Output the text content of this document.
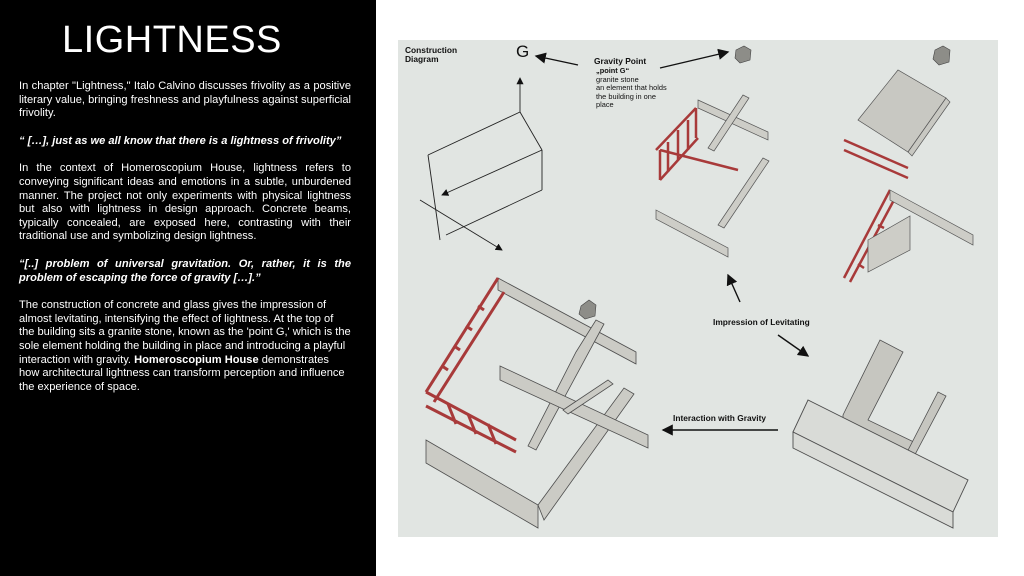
LIGHTNESS

In chapter "Lightness," Italo Calvino discusses frivolity as a positive literary value, bringing freshness and playfulness against superficial frivolity.

“ […], just as we all know that there is a lightness of frivolity”

In the context of Homeroscopium House, lightness refers to conveying significant ideas and emotions in a subtle, unburdened manner. The project not only experiments with physical lightness but also with lightness in design approach. Concrete beams, typically concealed, are exposed here, contrasting with their traditional use and symbolizing design lightness.

“[..] problem of universal gravitation. Or, rather, it is the problem of escaping the force of gravity […].”

The construction of concrete and glass gives the impression of almost levitating, intensifying the effect of lightness. At the top of the building sits a granite stone, known as the 'point G,' which is the sole element holding the building in place and introducing a playful interaction with gravity. Homeroscopium House demonstrates how architectural lightness can transform perception and influence the experience of space.

Construction
Diagram	G	Gravity Point
„point G“
granite stone
an element that holds
the building in one
place
Impression of Levitating
Interaction with Gravity
